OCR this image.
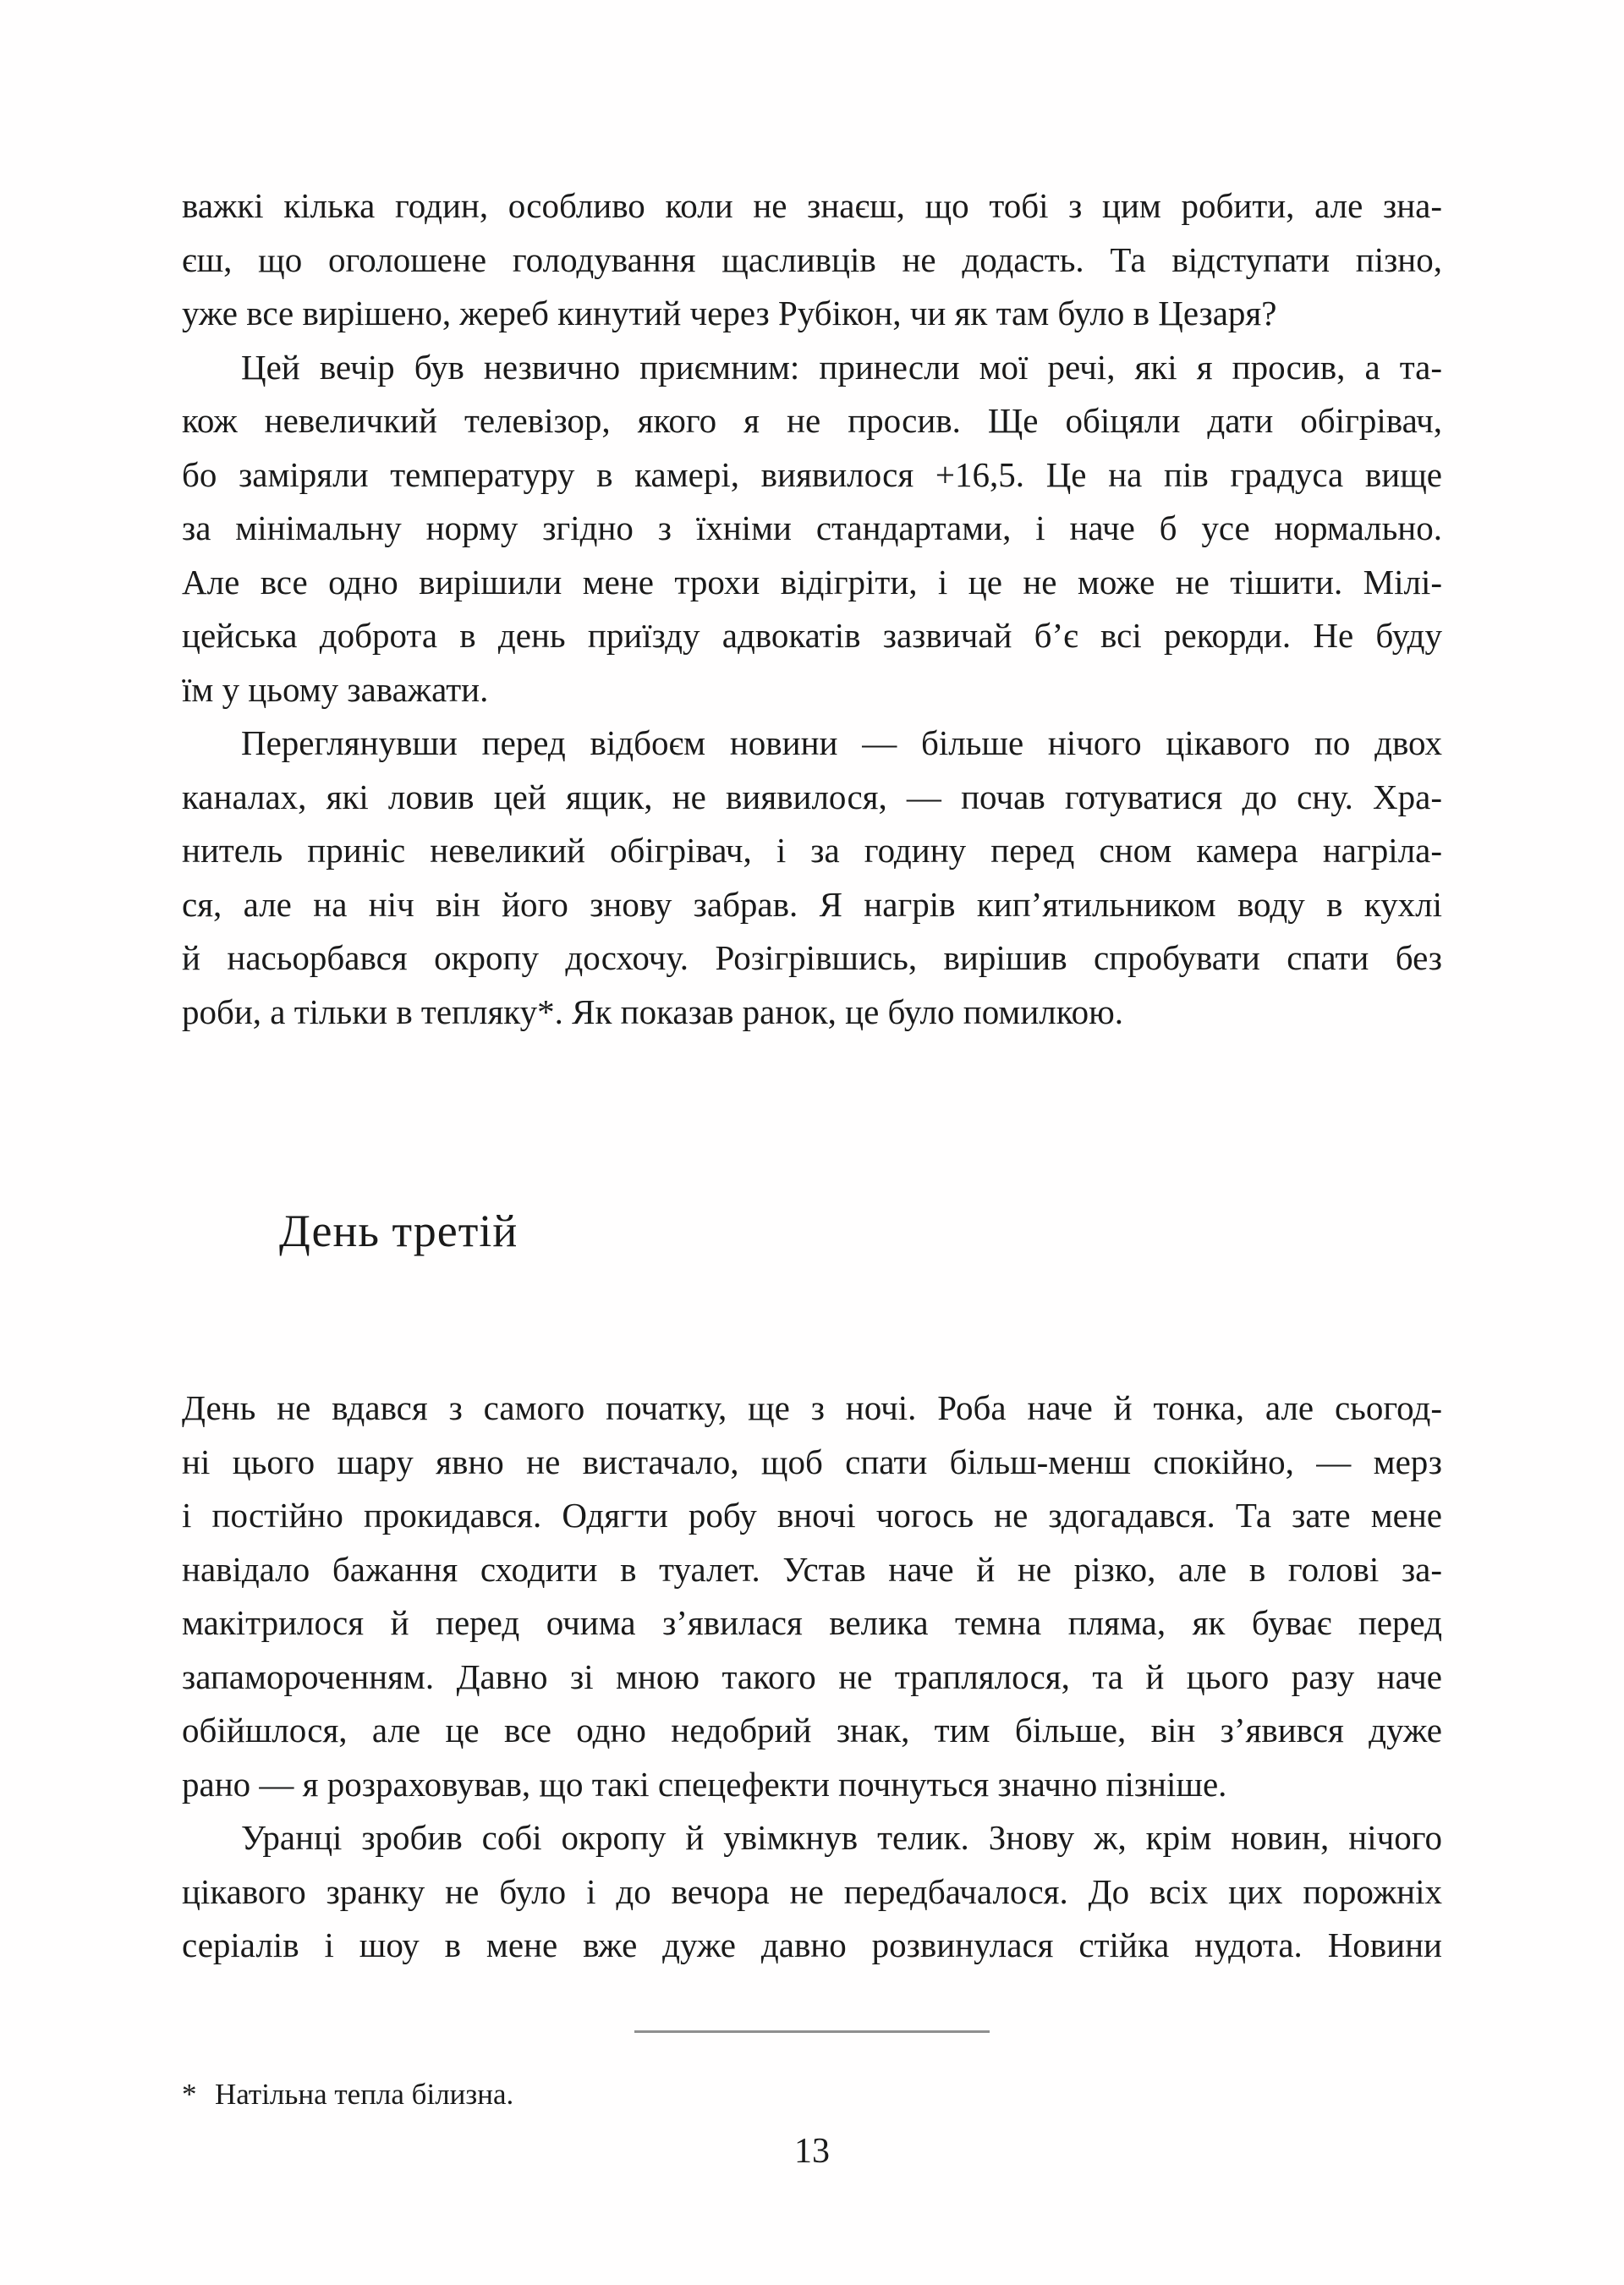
важкі кілька годин, особливо коли не знаєш, що тобі з цим робити, але зна-
єш, що оголошене голодування щасливців не додасть. Та відступати пізно,
уже все вирішено, жереб кинутий через Рубікон, чи як там було в Цезаря?

Цей вечір був незвично приємним: принесли мої речі, які я просив, а та-
кож невеличкий телевізор, якого я не просив. Ще обіцяли дати обігрівач,
бо заміряли температуру в камері, виявилося +16,5. Це на пів градуса вище
за мінімальну норму згідно з їхніми стандартами, і наче б усе нормально.
Але все одно вирішили мене трохи відігріти, і це не може не тішити. Мілі-
цейська доброта в день приїзду адвокатів зазвичай б’є всі рекорди. Не буду
їм у цьому заважати.

Переглянувши перед відбоєм новини — більше нічого цікавого по двох
каналах, які ловив цей ящик, не виявилося, — почав готуватися до сну. Хра-
нитель приніс невеликий обігрівач, і за годину перед сном камера нагріла-
ся, але на ніч він його знову забрав. Я нагрів кип’ятильником воду в кухлі
й насьорбався окропу досхочу. Розігрівшись, вирішив спробувати спати без
роби, а тільки в тепляку*. Як показав ранок, це було помилкою.

День третій

День не вдався з самого початку, ще з ночі. Роба наче й тонка, але сьогод-
ні цього шару явно не вистачало, щоб спати більш-менш спокійно, — мерз
і постійно прокидався. Одягти робу вночі чогось не здогадався. Та зате мене
навідало бажання сходити в туалет. Устав наче й не різко, але в голові за-
макітрилося й перед очима з’явилася велика темна пляма, як буває перед
запамороченням. Давно зі мною такого не траплялося, та й цього разу наче
обійшлося, але це все одно недобрий знак, тим більше, він з’явився дуже
рано — я розраховував, що такі спецефекти почнуться значно пізніше.

Уранці зробив собі окропу й увімкнув телик. Знову ж, крім новин, нічого
цікавого зранку не було і до вечора не передбачалося. До всіх цих порожніх
серіалів і шоу в мене вже дуже давно розвинулася стійка нудота. Новини

* Натільна тепла білизна.
13
